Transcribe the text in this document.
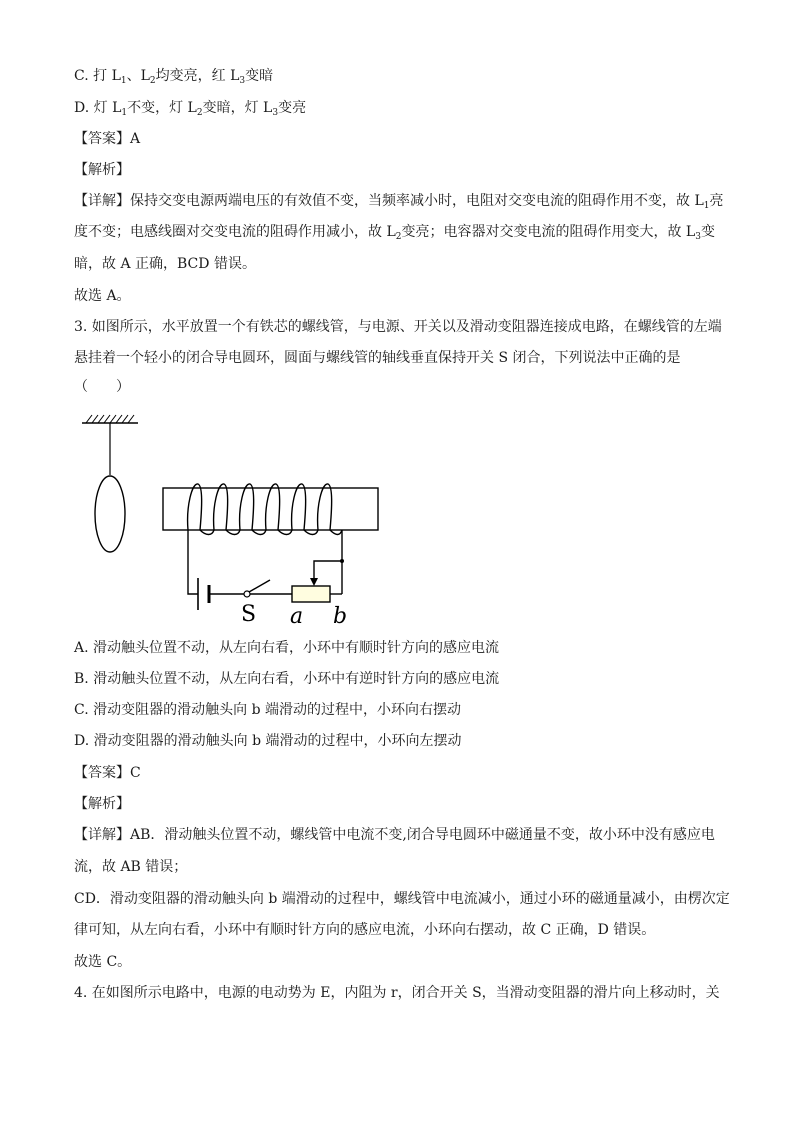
C. 打 $L_1$、$L_2$均变亮，红 $L_3$变暗
D. 灯 $L_1$不变，灯 $L_2$变暗，灯 $L_3$变亮
【答案】A
【解析】
【详解】保持交变电源两端电压的有效值不变，当频率减小时，电阻对交变电流的阻碍作用不变，故 $L_1$亮
度不变；电感线圈对交变电流的阻碍作用减小，故 $L_2$变亮；电容器对交变电流的阻碍作用变大，故 $L_3$变
暗，故 A 正确，BCD 错误。
故选 A。
3. 如图所示，水平放置一个有铁芯的螺线管，与电源、开关以及滑动变阻器连接成电路，在螺线管的左端
悬挂着一个轻小的闭合导电圆环，圆面与螺线管的轴线垂直保持开关 S 闭合，下列说法中正确的是
（　　）
S a b
A. 滑动触头位置不动，从左向右看，小环中有顺时针方向的感应电流
B. 滑动触头位置不动，从左向右看，小环中有逆时针方向的感应电流
C. 滑动变阻器的滑动触头向 b 端滑动的过程中，小环向右摆动
D. 滑动变阻器的滑动触头向 b 端滑动的过程中，小环向左摆动
【答案】C
【解析】
【详解】AB．滑动触头位置不动，螺线管中电流不变,闭合导电圆环中磁通量不变，故小环中没有感应电
流，故 AB 错误；
CD．滑动变阻器的滑动触头向 b 端滑动的过程中，螺线管中电流减小，通过小环的磁通量减小，由楞次定
律可知，从左向右看，小环中有顺时针方向的感应电流，小环向右摆动，故 C 正确，D 错误。
故选 C。
4. 在如图所示电路中，电源的电动势为 E，内阻为 r，闭合开关 S，当滑动变阻器的滑片向上移动时，关
